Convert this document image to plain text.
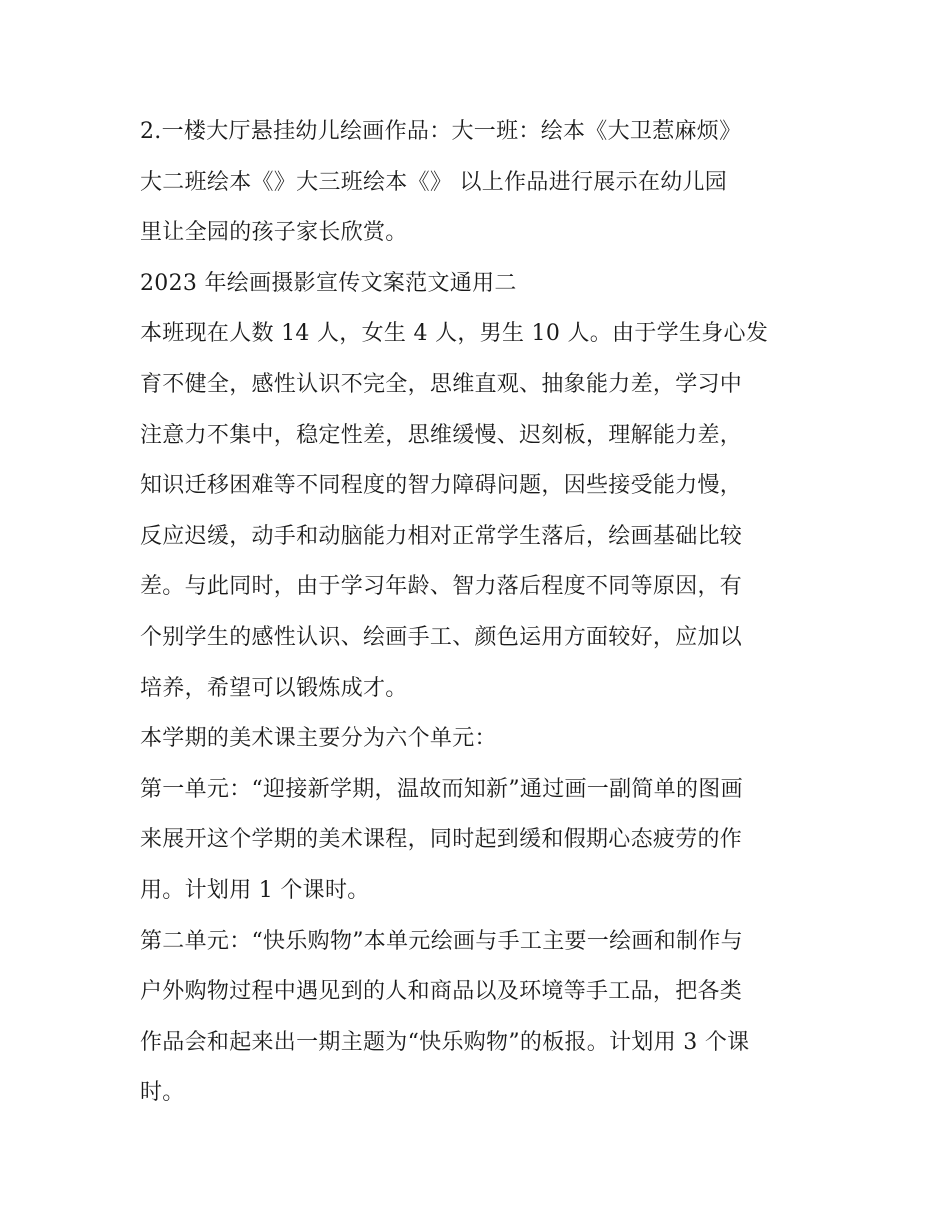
2.一楼大厅悬挂幼儿绘画作品：大一班：绘本《大卫惹麻烦》
大二班绘本《》大三班绘本《》 以上作品进行展示在幼儿园
里让全园的孩子家长欣赏。

2023 年绘画摄影宣传文案范文通用二

本班现在人数 14 人，女生 4 人，男生 10 人。由于学生身心发
育不健全，感性认识不完全，思维直观、抽象能力差，学习中
注意力不集中，稳定性差，思维缓慢、迟刻板，理解能力差，
知识迁移困难等不同程度的智力障碍问题，因些接受能力慢，
反应迟缓，动手和动脑能力相对正常学生落后，绘画基础比较
差。与此同时，由于学习年龄、智力落后程度不同等原因，有
个别学生的感性认识、绘画手工、颜色运用方面较好，应加以
培养，希望可以锻炼成才。

本学期的美术课主要分为六个单元：

第一单元：“迎接新学期，温故而知新”通过画一副简单的图画
来展开这个学期的美术课程，同时起到缓和假期心态疲劳的作
用。计划用 1 个课时。

第二单元：“快乐购物”本单元绘画与手工主要一绘画和制作与
户外购物过程中遇见到的人和商品以及环境等手工品，把各类
作品会和起来出一期主题为“快乐购物”的板报。计划用 3 个课
时。
